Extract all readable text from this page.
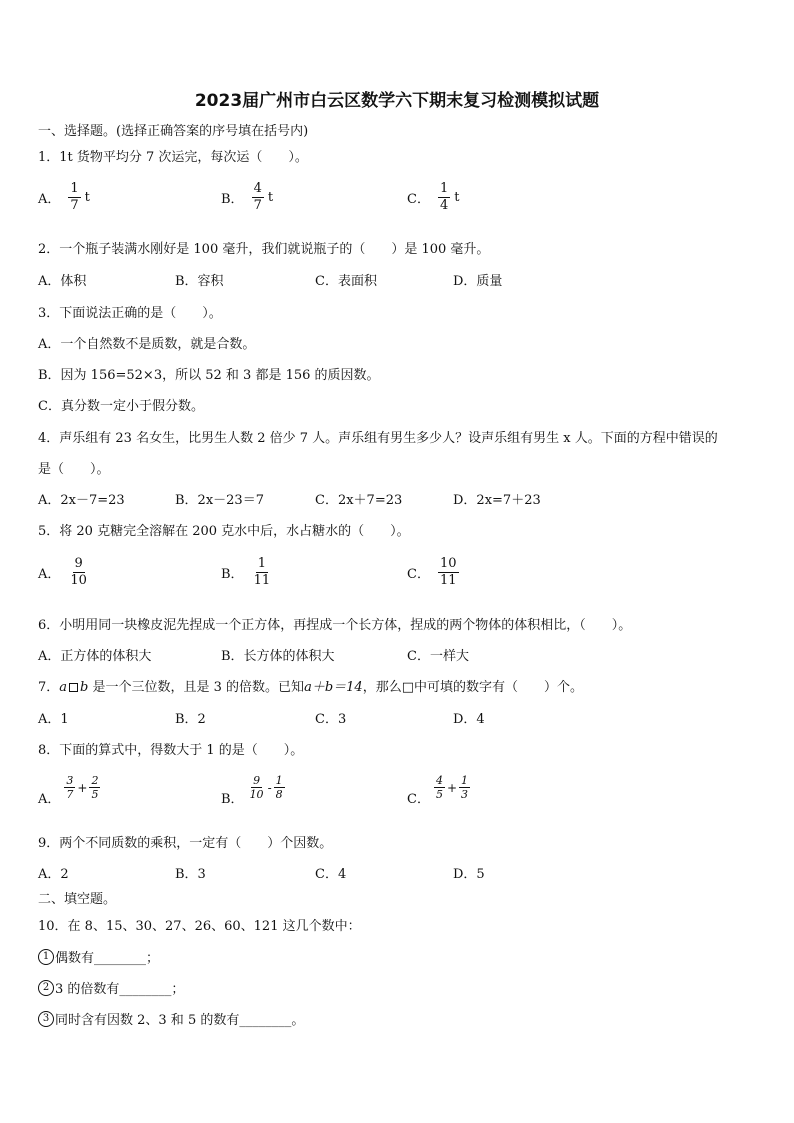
2023届广州市白云区数学六下期末复习检测模拟试题
一、选择题。(选择正确答案的序号填在括号内)
1．1t 货物平均分 7 次运完，每次运（　　）。
A． $\frac{1}{7}$ t	B． $\frac{4}{7}$ t	C． $\frac{1}{4}$ t
2．一个瓶子装满水刚好是 100 毫升，我们就说瓶子的（　　）是 100 毫升。
A．体积	B．容积	C．表面积	D．质量
3．下面说法正确的是（　　）。
A．一个自然数不是质数，就是合数。
B．因为 156=52×3，所以 52 和 3 都是 156 的质因数。
C．真分数一定小于假分数。
4．声乐组有 23 名女生，比男生人数 2 倍少 7 人。声乐组有男生多少人？设声乐组有男生 x 人。下面的方程中错误的
是（　　）。
A．2x－7=23	B．2x－23＝7	C．2x＋7=23	D．2x=7＋23
5．将 20 克糖完全溶解在 200 克水中后，水占糖水的（　　）。
A． $\frac{9}{10}$	B． $\frac{1}{11}$	C． $\frac{10}{11}$
6．小明用同一块橡皮泥先捏成一个正方体，再捏成一个长方体，捏成的两个物体的体积相比，（　　）。
A．正方体的体积大	B．长方体的体积大	C．一样大
7．a b 是一个三位数，且是 3 的倍数。已知a＋b＝14，那么□中可填的数字有（　　）个。
A．1	B．2	C．3	D．4
8．下面的算式中，得数大于 1 的是（　　）。
A． $\frac{3}{7} + \frac{2}{5}$	B． $\frac{9}{10} - \frac{1}{8}$	C． $\frac{4}{5} + \frac{1}{3}$
9．两个不同质数的乘积，一定有（　　）个因数。
A．2	B．3	C．4	D．5
二、填空题。
10．在 8、15、30、27、26、60、121 这几个数中：
1 偶数有________；
2 3 的倍数有________；
3 同时含有因数 2、3 和 5 的数有________。
